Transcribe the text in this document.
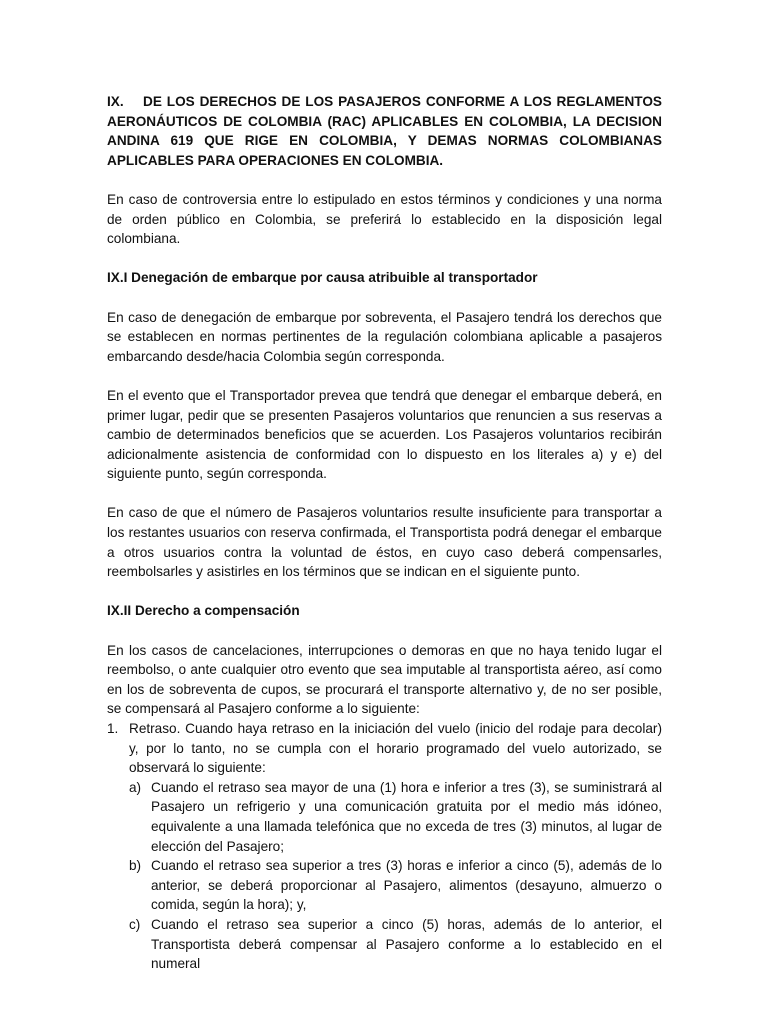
IX. DE LOS DERECHOS DE LOS PASAJEROS CONFORME A LOS REGLAMENTOS AERONÁUTICOS DE COLOMBIA (RAC) APLICABLES EN COLOMBIA, LA DECISION ANDINA 619 QUE RIGE EN COLOMBIA, Y DEMAS NORMAS COLOMBIANAS APLICABLES PARA OPERACIONES EN COLOMBIA.

En caso de controversia entre lo estipulado en estos términos y condiciones y una norma de orden público en Colombia, se preferirá lo establecido en la disposición legal colombiana.

IX.I Denegación de embarque por causa atribuible al transportador

En caso de denegación de embarque por sobreventa, el Pasajero tendrá los derechos que se establecen en normas pertinentes de la regulación colombiana aplicable a pasajeros embarcando desde/hacia Colombia según corresponda.

En el evento que el Transportador prevea que tendrá que denegar el embarque deberá, en primer lugar, pedir que se presenten Pasajeros voluntarios que renuncien a sus reservas a cambio de determinados beneficios que se acuerden. Los Pasajeros voluntarios recibirán adicionalmente asistencia de conformidad con lo dispuesto en los literales a) y e) del siguiente punto, según corresponda.

En caso de que el número de Pasajeros voluntarios resulte insuficiente para transportar a los restantes usuarios con reserva confirmada, el Transportista podrá denegar el embarque a otros usuarios contra la voluntad de éstos, en cuyo caso deberá compensarles, reembolsarles y asistirles en los términos que se indican en el siguiente punto.

IX.II Derecho a compensación

En los casos de cancelaciones, interrupciones o demoras en que no haya tenido lugar el reembolso, o ante cualquier otro evento que sea imputable al transportista aéreo, así como en los de sobreventa de cupos, se procurará el transporte alternativo y, de no ser posible, se compensará al Pasajero conforme a lo siguiente:

1. Retraso. Cuando haya retraso en la iniciación del vuelo (inicio del rodaje para decolar) y, por lo tanto, no se cumpla con el horario programado del vuelo autorizado, se observará lo siguiente:
a) Cuando el retraso sea mayor de una (1) hora e inferior a tres (3), se suministrará al Pasajero un refrigerio y una comunicación gratuita por el medio más idóneo, equivalente a una llamada telefónica que no exceda de tres (3) minutos, al lugar de elección del Pasajero;
b) Cuando el retraso sea superior a tres (3) horas e inferior a cinco (5), además de lo anterior, se deberá proporcionar al Pasajero, alimentos (desayuno, almuerzo o comida, según la hora); y,
c) Cuando el retraso sea superior a cinco (5) horas, además de lo anterior, el Transportista deberá compensar al Pasajero conforme a lo establecido en el numeral
